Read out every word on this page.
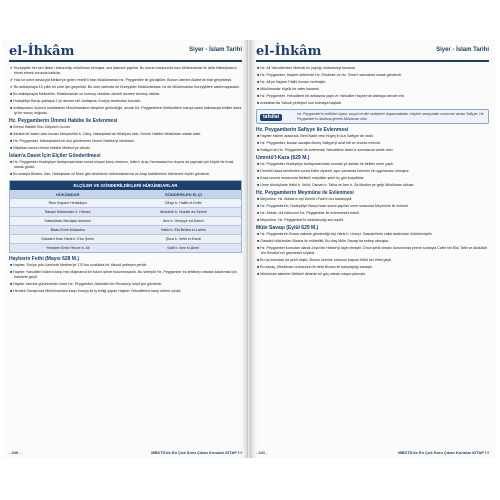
el-İhkâm	Siyer - İslam Tarihi

✔ Kureyşliler her kim İslâm'ı kabul edip müslüman olmuşsa, ona işkence yaptılar. Bu durum karşısında bazı Müslümanlar ilk defa Habeşistan'a hicret etmek zorunda kaldılar.

✔ Hac ve umre amacıyla Mekke'ye gelen Yesrib'li bazı Müslümanlar Hz. Peygamber ile görüştüler. Bunun üzerine Akabe'de biat gerçekleşti.

✔ Bu antlaşmaya 10 yıllık bir süre için geçerlidir. Bu süre zarfında ne Kureyşliler Müslümanlara, ne de Müslümanlar Kureyşlilere saldırmayacaktı.

■ Bu antlaşmayla Mekkeliler, Müslümanları ve kurmuş oldukları devleti resmen tanımış oldular.

■ Hudeybiye Barışı yaklaşık 2 yıl devam etti. Antlaşma, Kureyş tarafından bozuldu.

■ Antlaşmanın üçüncü maddesinin Müslümanların aleyhine göründüğü, ancak Hz. Peygamberin Mekkelilerin barışa sadık kalmasıyla birlikte daha iyi bir sonuç doğurdu.

Hz. Peygamberin Ümmü Habibe ile Evlenmesi

■ Ümmü Habibe Ebu Süfyan'ın kızıdır.

■ Akraba bir adam olan kocası Ubeydullah b. Cahş, Habeşistan'da Hristiyan oldu. Ümmü Habibe Müslüman olarak kaldı.

■ Hz. Peygamber, Habeşistan'a bir elçi göndererek Ümmü Habibe'yi nikahladı.

■ Nikahtan sonra Ümmü Habibe Medine'ye döndü.

İslam'a Davet İçin Elçiler Gönderilmesi

■ Hz. Peygamber Hudeybiye Antlaşması'ndan sonra oluşan barış ortamını, İslâm'ı Arap Yarımadası'nın dışına da yaymak için büyük bir fırsat olarak gördü.

■ Bu amaçla Bizans, İran, Habeşistan ve Mısır gibi devletlerin hükümdarlarına ve Arap kabilelerinin liderlerine elçiler gönderdi.

ELÇİLER VE GÖNDERİLDİKLERİ HÜKÜMDARLAR
HÜKÜMDAR	GÖNDERİLEN ELÇİ
Rum Kayseri Herakliyus	Dihye b. Halife el-Kelbi
Sasani Hükümdarı II. Hüsrev	Abdullah b. Huzafe es-Sehmi
Habeşistan Necâşisi Ashame	Amr b. Ümeyye ed-Damri
Bizan Emiri Mukavkıs	Hatıb b. Ebi Beltea el-Lahmi
Gassânî Kralı Haris b. Ebu Şemir	Şüca b. Vehb el-Esedi
Yemâme Emîri Hevze b. Ali	Salît b. Amr el-Âmirî
Hayberin Fethi (Mayıs 628 M.)

■ Hayber, Suriye yolu üzerinde Medine'ye 170 km uzaklıkta bir Yahudi yerleşim yeridir.

■ Hayber Yahudileri İslâm'a karşı hep düşmanca bir tutum içinde bulunmuşlardı. Bu sebeple Hz. Peygamber bu tehlikeyi ortadan kaldırmak için harekete geçti.

■ Hayber üzerine yürünmeden önce Hz. Peygamber, Abdullah bin Revaha'yı keşif için gönderdi.

■ Hendek Savaşı'nda Müslümanlara karşı Kureyş ile iş birliği yapan Hayber Yahudilerine karşı sefere çıkıldı.

- 240 -	MBSTS'de En Çok Soru Çıkan Konular KİTAP !!!
el-İhkâm	Siyer - İslam Tarihi

■ Hz. Ali Yahudilerden Merhab ile yaptığı mübarezeyi kazandı.

■ Hz. Peygamber, Hayber seferinde Hz. Ebubekir ve Hz. Ömer'i sancaktar olarak gönderdi.

■ Hz. Ali'ye Hayber Fâtihi ünvanı verilmiştir.

■ Müslümanlar büyük bir zafer kazandı.

■ Hz. Peygamber, Yahudilerle bir antlaşma yaptı ve Yahudiler Hayber'de kalmaya devam etti.

■ Arabistan'da Yahudi yerleşimi son bulmaya başladı.

tafsilat	Hz. Peygamber'in evlilikleri siyasi, sosyal ve dini sebeplere dayanmaktadır. Hayber savaşından sonra esir alınan Safiyye, Hz. Peygamber'in nikahına girerek Müslüman oldu.
Hz. Peygamberin Safiyye ile Evlenmesi

■ Hayber esirleri arasında, Beni Nadîr reisi Huyey'in kızı Safiyye de vardı.

■ Hz. Peygamber, kocası savaşta ölmüş Safiyye'yi azat etti ve onunla evlendi.

■ Safiyye'nin Hz. Peygamber ile evlenmesi Yahudilerin İslâm'a ısınmasına vesile oldu.

Umretü'l-Kaza (629 M.)

■ Hz. Peygamber Hudeybiye Antlaşması'ndan sonraki yıl ashâbı ile birlikte umre yaptı.

■ Umretü'l-kaza kendinden sonra Kâbe ziyareti, aynı zamanda ümrenin ilk uygulaması olmuştur.

■ Kaza umresi esnasında Mekkeli müşrikler şehri üç gün boşalttılar.

■ Umre dönüşünde Hâlid b. Velîd, Osman b. Talha ve Amr b. Âs Medine'ye gelip Müslüman oldular.

Hz. Peygamberin Meymûne ile Evlenmesi

■ Meymûne, Hz. Abbas'ın eşi Ümmü'l-Fadl'ın kız kardeşiydi.

■ Hz. Peygamber'in, Hudeybiye Barışı'ndan sonra yapılan umre sırasında Meymûne ile evlendi.

■ Hz. Abbâs, dul bıldızının Hz. Peygamber ile evlenmesini istedi.

■ Meymûne, Hz. Peygamber'in nikâhlandığı son eşidir.

Mûte Savaşı (Eylül 629 M.)

■ Hz. Peygamber'in Busra valisine gönderdiği elçi Hâris b. Umeyr, Gassânîlerin valisi tarafından öldürülmüştür.

■ Gassânî hükümdarı Bizans ile müttefikti. Bu olay Mûte Savaşı'na sebep olmuştur.

■ Hz. Peygamber komutan olarak Zeyd bin Hârise'yi tayin etmiştir. Onun şehit olması durumunda yerine sırasıyla Cafer bin Ebu Talib ve Abdullah bin Revaha'nın geçmesini söyledi.

■ Bu üç komutan da şehit düştü. Bunun üzerine ordunun başına Hâlid bin Velid geçti.

■ Bu savaş, Müslüman ordusunun ilk defa Bizans ile karşılaştığı savaştır.

■ Müslüman askerler Mekkeli dinamik bir güç olarak ortaya çıkmıştır.

- 241 -	MBSTS'de En Çok Soru Çıkan Konular KİTAP !!!
